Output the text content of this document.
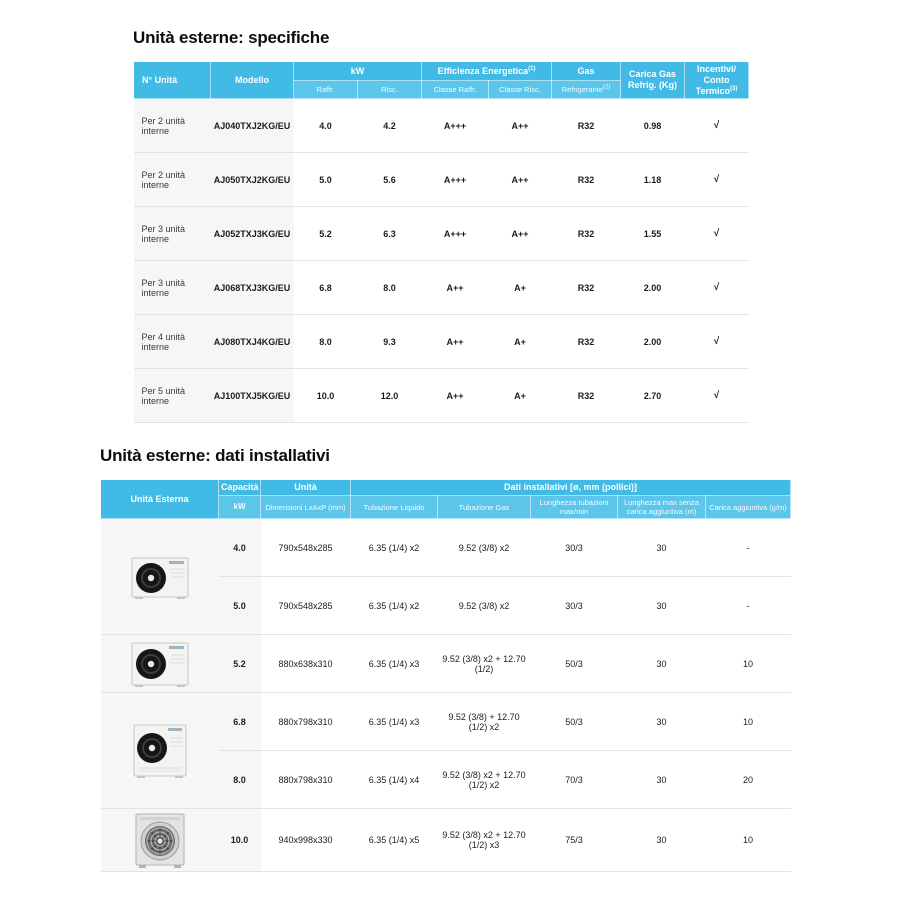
Unità esterne: specifiche
N° Unità	Modello	kW		Efficienza Energetica$^{(1)}$		Gas	Carica Gas
Refrig. (Kg)	Incentivi/
Conto Termico$^{(3)}$
		Raffr.	Risc.	Classe Raffr.	Classe Risc.	Refrigerante$^{(2)}$
Per 2 unità interne	AJ040TXJ2KG/EU	4.0	4.2	A+++	A++	R32	0.98	√
Per 2 unità interne	AJ050TXJ2KG/EU	5.0	5.6	A+++	A++	R32	1.18	√
Per 3 unità interne	AJ052TXJ3KG/EU	5.2	6.3	A+++	A++	R32	1.55	√
Per 3 unità interne	AJ068TXJ3KG/EU	6.8	8.0	A++	A+	R32	2.00	√
Per 4 unità interne	AJ080TXJ4KG/EU	8.0	9.3	A++	A+	R32	2.00	√
Per 5 unità interne	AJ100TXJ5KG/EU	10.0	12.0	A++	A+	R32	2.70	√
Unità esterne: dati installativi
Unità Esterna	Capacità	Unità	Dati installativi [ø, mm (pollici)]				
	kW	Dimensioni LxAxP (mm)	Tubazione Liquido	Tubazione Gas	Lunghezza tubazioni max/min	Lunghezza max senza carica aggiuntiva (m)	Carica aggiuntiva (g/m)

	4.0	790x548x285	6.35 (1/4) x2	9.52 (3/8) x2	30/3	30	-
	5.0	790x548x285	6.35 (1/4) x2	9.52 (3/8) x2	30/3	30	-

	5.2	880x638x310	6.35 (1/4) x3	9.52 (3/8) x2 + 12.70 (1/2)	50/3	30	10

	6.8	880x798x310	6.35 (1/4) x3	9.52 (3/8) + 12.70 (1/2) x2	50/3	30	10
	8.0	880x798x310	6.35 (1/4) x4	9.52 (3/8) x2 + 12.70 (1/2) x2	70/3	30	20

	10.0	940x998x330	6.35 (1/4) x5	9.52 (3/8) x2 + 12.70 (1/2) x3	75/3	30	10
